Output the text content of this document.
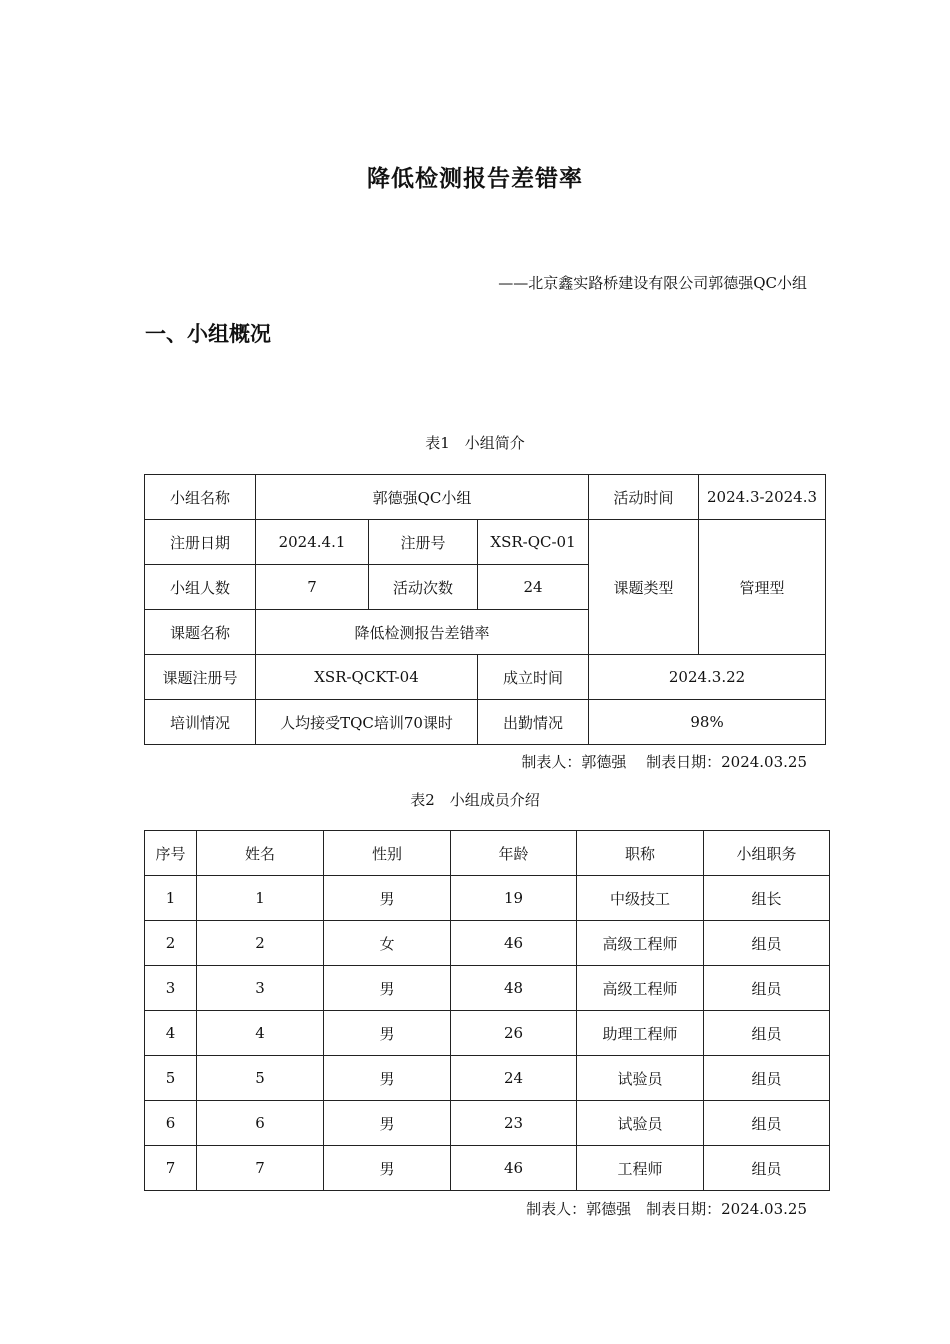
降低检测报告差错率
——北京鑫实路桥建设有限公司郭德强QC小组
一、小组概况
表1　小组简介
小组名称	郭德强QC小组			活动时间	2024.3-2024.3
注册日期	2024.4.1	注册号	XSR-QC-01	课题类型	管理型
小组人数	7	活动次数	24		
课题名称	降低检测报告差错率				
课题注册号	XSR-QCKT-04		成立时间	2024.3.22	
培训情况	人均接受TQC培训70课时		出勤情况	98%	
制表人：郭德强　 制表日期：2024.03.25
表2　小组成员介绍
序号	姓名	性别	年龄	职称	小组职务
1	1	男	19	中级技工	组长
2	2	女	46	高级工程师	组员
3	3	男	48	高级工程师	组员
4	4	男	26	助理工程师	组员
5	5	男	24	试验员	组员
6	6	男	23	试验员	组员
7	7	男	46	工程师	组员
制表人：郭德强　制表日期：2024.03.25
